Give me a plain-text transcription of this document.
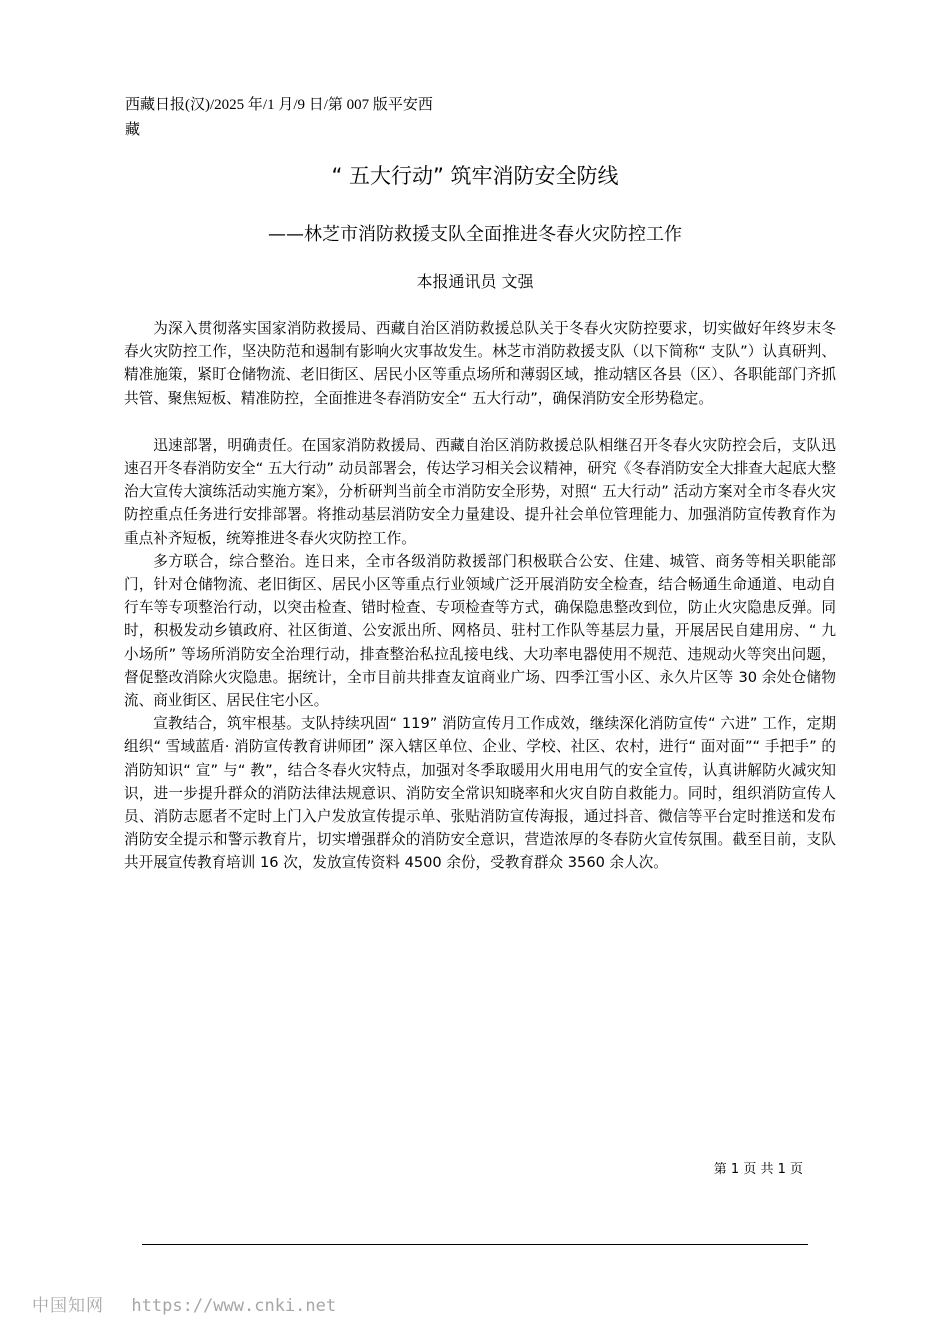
西藏日报(汉)/2025 年/1 月/9 日/第 007 版平安西藏

“ 五大行动” 筑牢消防安全防线
——林芝市消防救援支队全面推进冬春火灾防控工作

本报通讯员 文强

为深入贯彻落实国家消防救援局、西藏自治区消防救援总队关于冬春火灾防控要求，切实做好年终岁末冬春火灾防控工作，坚决防范和遏制有影响火灾事故发生。林芝市消防救援支队（以下简称“ 支队”）认真研判、精准施策，紧盯仓储物流、老旧街区、居民小区等重点场所和薄弱区域，推动辖区各县（区）、各职能部门齐抓共管、聚焦短板、精准防控，全面推进冬春消防安全“ 五大行动”，确保消防安全形势稳定。

迅速部署，明确责任。在国家消防救援局、西藏自治区消防救援总队相继召开冬春火灾防控会后，支队迅速召开冬春消防安全“ 五大行动” 动员部署会，传达学习相关会议精神，研究《冬春消防安全大排查大起底大整治大宣传大演练活动实施方案》，分析研判当前全市消防安全形势，对照“ 五大行动” 活动方案对全市冬春火灾防控重点任务进行安排部署。将推动基层消防安全力量建设、提升社会单位管理能力、加强消防宣传教育作为重点补齐短板，统筹推进冬春火灾防控工作。

多方联合，综合整治。连日来，全市各级消防救援部门积极联合公安、住建、城管、商务等相关职能部门，针对仓储物流、老旧街区、居民小区等重点行业领域广泛开展消防安全检查，结合畅通生命通道、电动自行车等专项整治行动，以突击检查、错时检查、专项检查等方式，确保隐患整改到位，防止火灾隐患反弹。同时，积极发动乡镇政府、社区街道、公安派出所、网格员、驻村工作队等基层力量，开展居民自建用房、“ 九小场所” 等场所消防安全治理行动，排查整治私拉乱接电线、大功率电器使用不规范、违规动火等突出问题，督促整改消除火灾隐患。据统计，全市目前共排查友谊商业广场、四季江雪小区、永久片区等 30 余处仓储物流、商业街区、居民住宅小区。

宣教结合，筑牢根基。支队持续巩固“ 119” 消防宣传月工作成效，继续深化消防宣传“ 六进” 工作，定期组织“ 雪域蓝盾· 消防宣传教育讲师团” 深入辖区单位、企业、学校、社区、农村，进行“ 面对面”“ 手把手” 的消防知识“ 宣” 与“ 教”，结合冬春火灾特点，加强对冬季取暖用火用电用气的安全宣传，认真讲解防火减灾知识，进一步提升群众的消防法律法规意识、消防安全常识知晓率和火灾自防自救能力。同时，组织消防宣传人员、消防志愿者不定时上门入户发放宣传提示单、张贴消防宣传海报，通过抖音、微信等平台定时推送和发布消防安全提示和警示教育片，切实增强群众的消防安全意识，营造浓厚的冬春防火宣传氛围。截至目前，支队共开展宣传教育培训 16 次，发放宣传资料 4500 余份，受教育群众 3560 余人次。

第 1 页 共 1 页

中国知网 https://www.cnki.net
